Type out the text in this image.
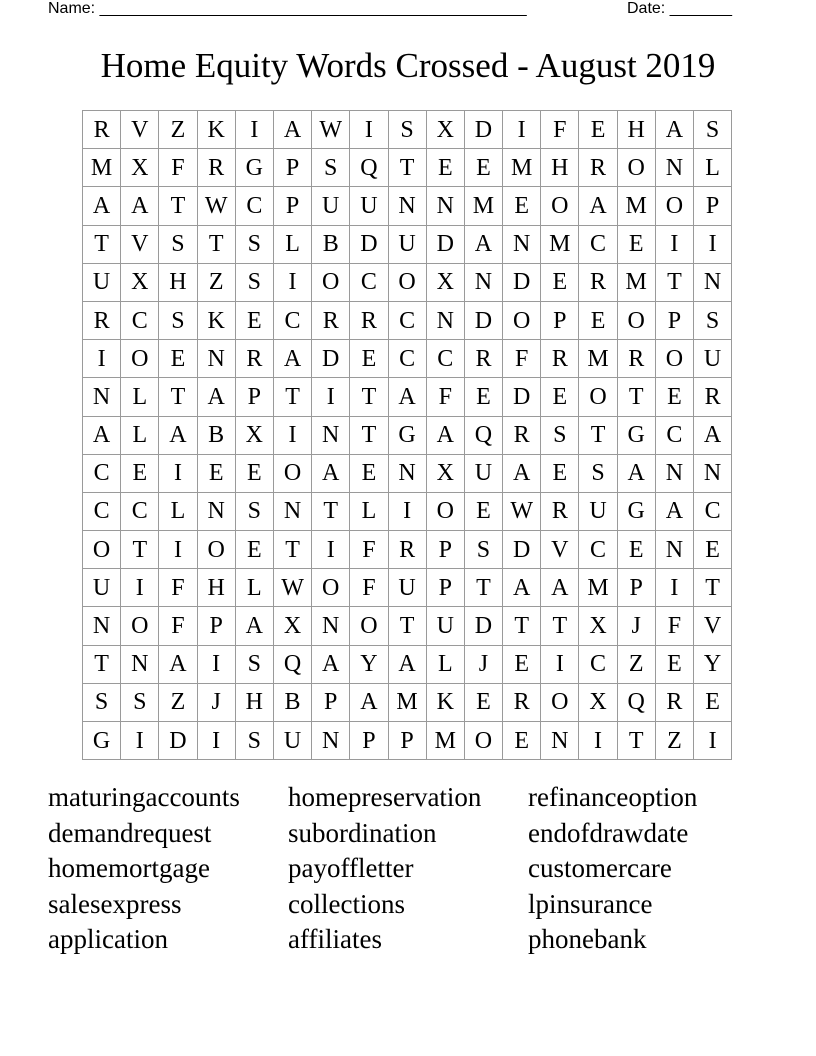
Name: ________________________________________________	Date: _______
Home Equity Words Crossed - August 2019
R	V	Z	K	I	A	W	I	S	X	D	I	F	E	H	A	S
M	X	F	R	G	P	S	Q	T	E	E	M	H	R	O	N	L
A	A	T	W	C	P	U	U	N	N	M	E	O	A	M	O	P
T	V	S	T	S	L	B	D	U	D	A	N	M	C	E	I	I
U	X	H	Z	S	I	O	C	O	X	N	D	E	R	M	T	N
R	C	S	K	E	C	R	R	C	N	D	O	P	E	O	P	S
I	O	E	N	R	A	D	E	C	C	R	F	R	M	R	O	U
N	L	T	A	P	T	I	T	A	F	E	D	E	O	T	E	R
A	L	A	B	X	I	N	T	G	A	Q	R	S	T	G	C	A
C	E	I	E	E	O	A	E	N	X	U	A	E	S	A	N	N
C	C	L	N	S	N	T	L	I	O	E	W	R	U	G	A	C
O	T	I	O	E	T	I	F	R	P	S	D	V	C	E	N	E
U	I	F	H	L	W	O	F	U	P	T	A	A	M	P	I	T
N	O	F	P	A	X	N	O	T	U	D	T	T	X	J	F	V
T	N	A	I	S	Q	A	Y	A	L	J	E	I	C	Z	E	Y
S	S	Z	J	H	B	P	A	M	K	E	R	O	X	Q	R	E
G	I	D	I	S	U	N	P	P	M	O	E	N	I	T	Z	I
maturingaccounts
demandrequest
homemortgage
salesexpress
application
homepreservation
subordination
payoffletter
collections
affiliates
refinanceoption
endofdrawdate
customercare
lpinsurance
phonebank
